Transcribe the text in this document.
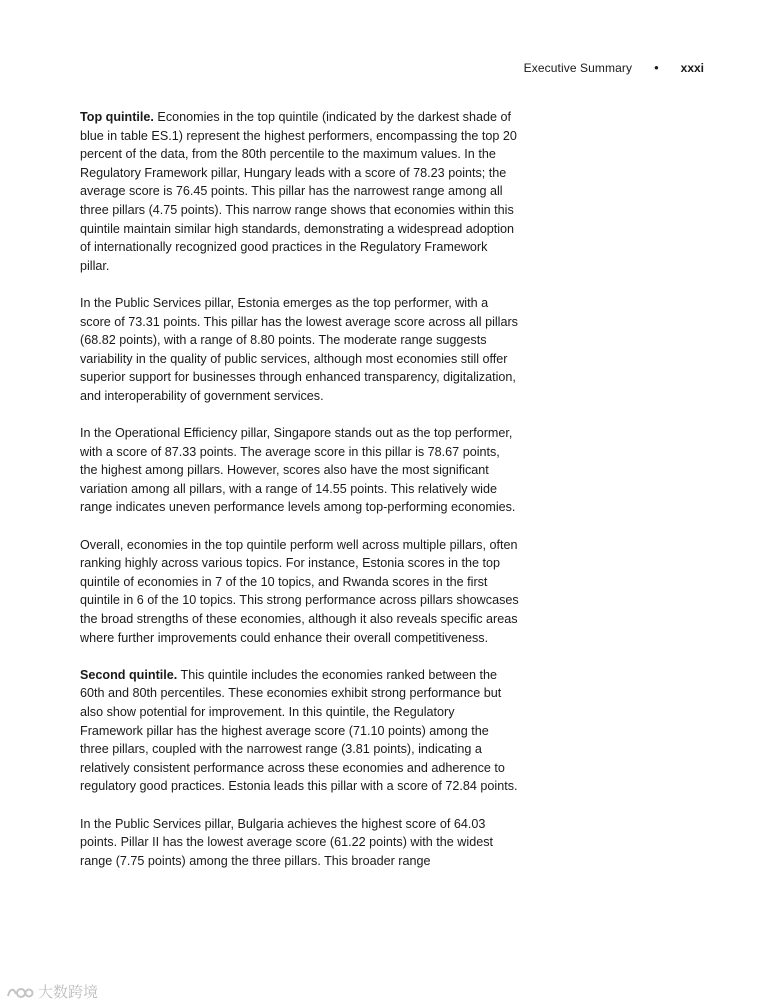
Executive Summary • xxxi

Top quintile. Economies in the top quintile (indicated by the darkest shade of blue in table ES.1) represent the highest performers, encompassing the top 20 percent of the data, from the 80th percentile to the maximum values. In the Regulatory Framework pillar, Hungary leads with a score of 78.23 points; the average score is 76.45 points. This pillar has the narrowest range among all three pillars (4.75 points). This narrow range shows that economies within this quintile maintain similar high standards, demonstrating a widespread adoption of internationally recognized good practices in the Regulatory Framework pillar.

In the Public Services pillar, Estonia emerges as the top performer, with a score of 73.31 points. This pillar has the lowest average score across all pillars (68.82 points), with a range of 8.80 points. The moderate range suggests variability in the quality of public services, although most economies still offer superior support for businesses through enhanced transparency, digitalization, and interoperability of government services.

In the Operational Efficiency pillar, Singapore stands out as the top performer, with a score of 87.33 points. The average score in this pillar is 78.67 points, the highest among pillars. However, scores also have the most significant variation among all pillars, with a range of 14.55 points. This relatively wide range indicates uneven performance levels among top-performing economies.

Overall, economies in the top quintile perform well across multiple pillars, often ranking highly across various topics. For instance, Estonia scores in the top quintile of economies in 7 of the 10 topics, and Rwanda scores in the first quintile in 6 of the 10 topics. This strong performance across pillars showcases the broad strengths of these economies, although it also reveals specific areas where further improvements could enhance their overall competitiveness.

Second quintile. This quintile includes the economies ranked between the 60th and 80th percentiles. These economies exhibit strong performance but also show potential for improvement. In this quintile, the Regulatory Framework pillar has the highest average score (71.10 points) among the three pillars, coupled with the narrowest range (3.81 points), indicating a relatively consistent performance across these economies and adherence to regulatory good practices. Estonia leads this pillar with a score of 72.84 points.

In the Public Services pillar, Bulgaria achieves the highest score of 64.03 points. Pillar II has the lowest average score (61.22 points) with the widest range (7.75 points) among the three pillars. This broader range

大数跨境
